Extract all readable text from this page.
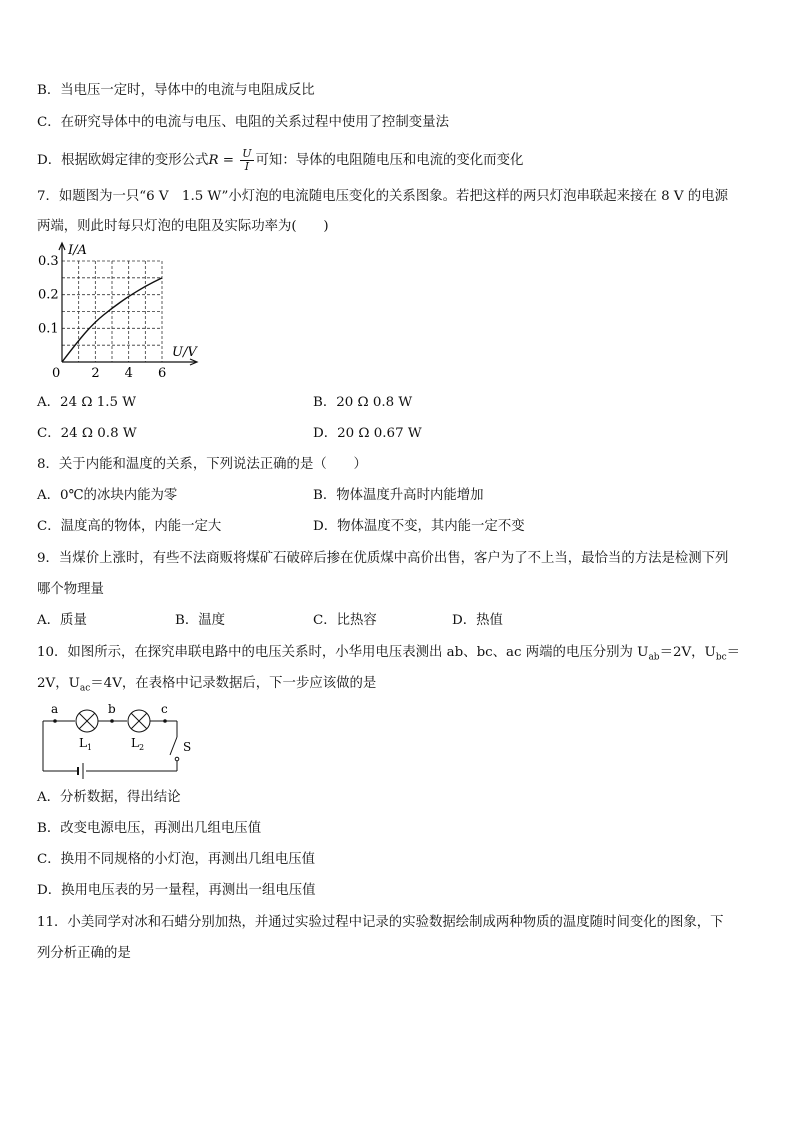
B．当电压一定时，导体中的电流与电阻成反比
C．在研究导体中的电流与电压、电阻的关系过程中使用了控制变量法
D．根据欧姆定律的变形公式$R = \frac{U}{I}$ 可知：导体的电阻随电压和电流的变化而变化
7．如题图为一只“6 V　1.5 W”小灯泡的电流随电压变化的关系图象。若把这样的两只灯泡串联起来接在 8 V 的电源
两端，则此时每只灯泡的电阻及实际功率为(　　)
2 4 6
0.1
0.2
0.3
I/A
U/V
0
A．24 Ω 1.5 W	B．20 Ω 0.8 W
C．24 Ω 0.8 W	D．20 Ω 0.67 W
8．关于内能和温度的关系，下列说法正确的是（　　）
A．0℃的冰块内能为零	B．物体温度升高时内能增加
C．温度高的物体，内能一定大	D．物体温度不变，其内能一定不变
9．当煤价上涨时，有些不法商贩将煤矿石破碎后掺在优质煤中高价出售，客户为了不上当，最恰当的方法是检测下列
哪个物理量
A．质量	B．温度	C．比热容	D．热值
10．如图所示，在探究串联电路中的电压关系时，小华用电压表测出 ab、bc、ac 两端的电压分别为 $U_{ab}=2V$，$U_{bc}=$
2V，$U_{ac}=4V$，在表格中记录数据后，下一步应该做的是
a	b	c
$L_1$	$L_2$	S
A．分析数据，得出结论
B．改变电源电压，再测出几组电压值
C．换用不同规格的小灯泡，再测出几组电压值
D．换用电压表的另一量程，再测出一组电压值
11．小美同学对冰和石蜡分别加热，并通过实验过程中记录的实验数据绘制成两种物质的温度随时间变化的图象，下
列分析正确的是
